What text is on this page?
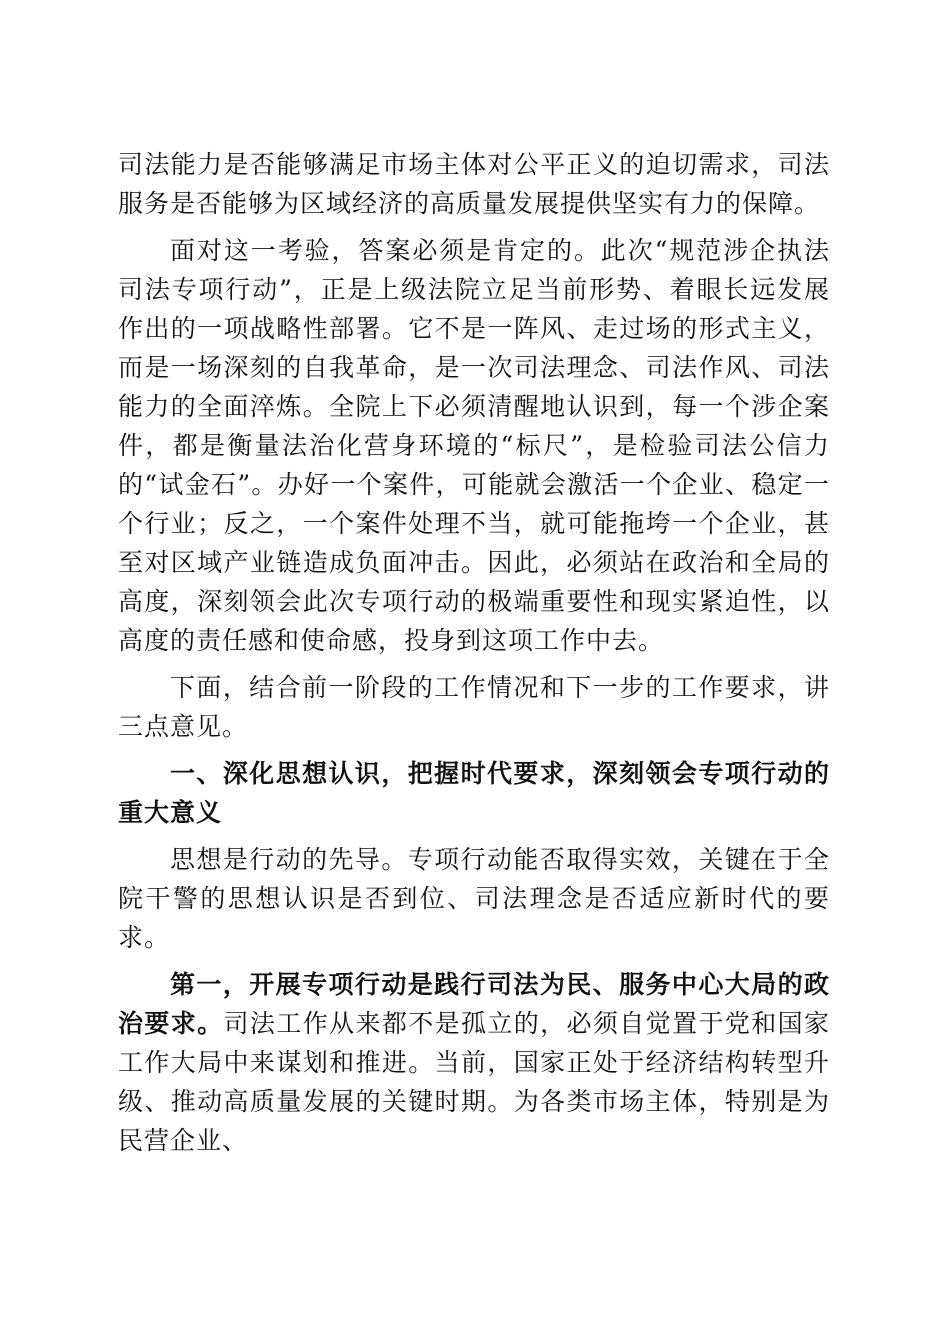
司法能力是否能够满足市场主体对公平正义的迫切需求，司法服务是否能够为区域经济的高质量发展提供坚实有力的保障。

面对这一考验，答案必须是肯定的。此次“规范涉企执法司法专项行动”，正是上级法院立足当前形势、着眼长远发展作出的一项战略性部署。它不是一阵风、走过场的形式主义，而是一场深刻的自我革命，是一次司法理念、司法作风、司法能力的全面淬炼。全院上下必须清醒地认识到，每一个涉企案件，都是衡量法治化营身环境的“标尺”，是检验司法公信力的“试金石”。办好一个案件，可能就会激活一个企业、稳定一个行业；反之，一个案件处理不当，就可能拖垮一个企业，甚至对区域产业链造成负面冲击。因此，必须站在政治和全局的高度，深刻领会此次专项行动的极端重要性和现实紧迫性，以高度的责任感和使命感，投身到这项工作中去。

下面，结合前一阶段的工作情况和下一步的工作要求，讲三点意见。

一、深化思想认识，把握时代要求，深刻领会专项行动的重大意义

思想是行动的先导。专项行动能否取得实效，关键在于全院干警的思想认识是否到位、司法理念是否适应新时代的要求。

第一，开展专项行动是践行司法为民、服务中心大局的政治要求。司法工作从来都不是孤立的，必须自觉置于党和国家工作大局中来谋划和推进。当前，国家正处于经济结构转型升级、推动高质量发展的关键时期。为各类市场主体，特别是为民营企业、
